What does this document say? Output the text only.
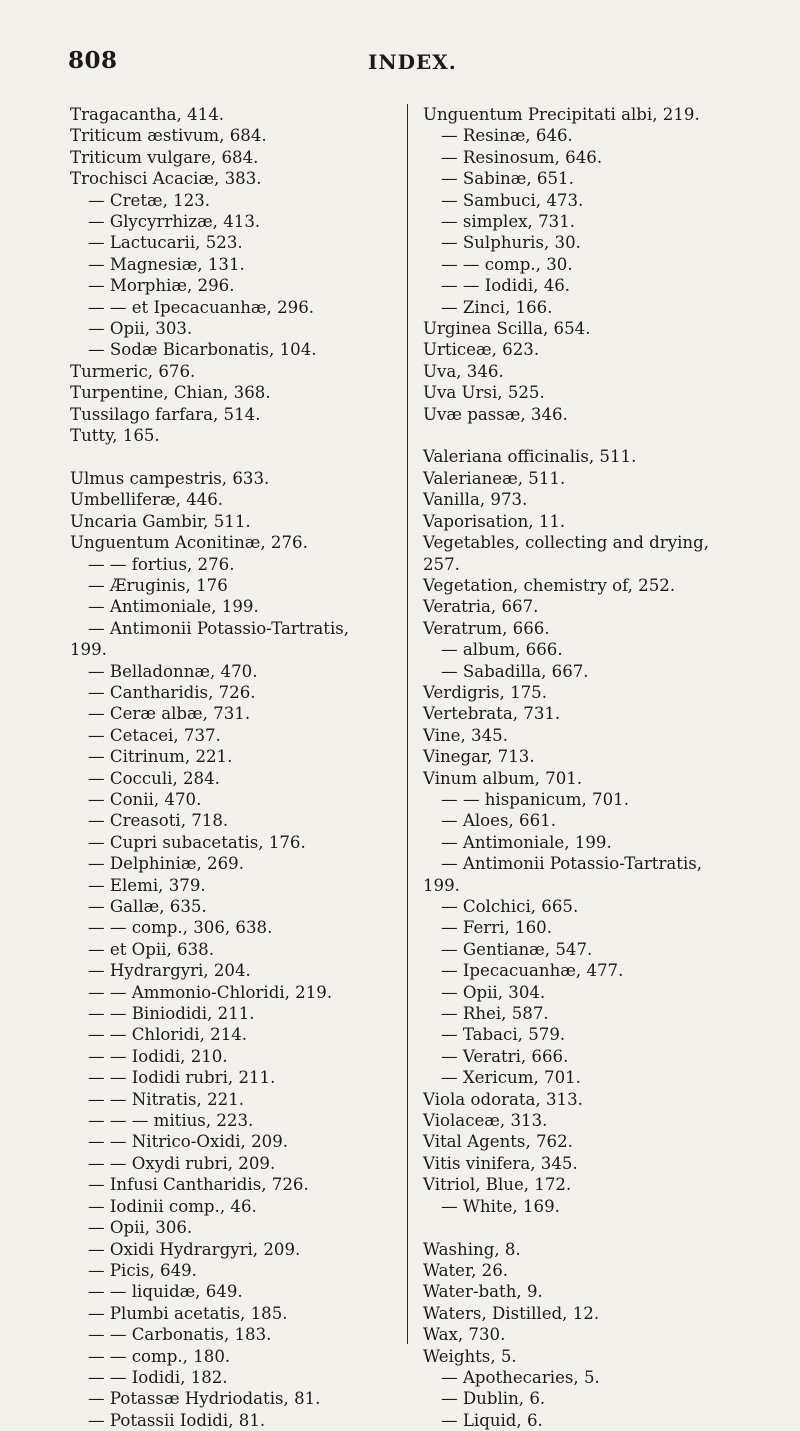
808	INDEX.
Tragacantha, 414.
Triticum æstivum, 684.
Triticum vulgare, 684.
Trochisci Acaciæ, 383.
— Cretæ, 123.
— Glycyrrhizæ, 413.
— Lactucarii, 523.
— Magnesiæ, 131.
— Morphiæ, 296.
— — et Ipecacuanhæ, 296.
— Opii, 303.
— Sodæ Bicarbonatis, 104.
Turmeric, 676.
Turpentine, Chian, 368.
Tussilago farfara, 514.
Tutty, 165.
Ulmus campestris, 633.
Umbelliferæ, 446.
Uncaria Gambir, 511.
Unguentum Aconitinæ, 276.
— — fortius, 276.
— Æruginis, 176
— Antimoniale, 199.
— Antimonii Potassio-Tartratis,
199.
— Belladonnæ, 470.
— Cantharidis, 726.
— Ceræ albæ, 731.
— Cetacei, 737.
— Citrinum, 221.
— Cocculi, 284.
— Conii, 470.
— Creasoti, 718.
— Cupri subacetatis, 176.
— Delphiniæ, 269.
— Elemi, 379.
— Gallæ, 635.
— — comp., 306, 638.
— et Opii, 638.
— Hydrargyri, 204.
— — Ammonio-Chloridi, 219.
— — Biniodidi, 211.
— — Chloridi, 214.
— — Iodidi, 210.
— — Iodidi rubri, 211.
— — Nitratis, 221.
— — — mitius, 223.
— — Nitrico-Oxidi, 209.
— — Oxydi rubri, 209.
— Infusi Cantharidis, 726.
— Iodinii comp., 46.
— Opii, 306.
— Oxidi Hydrargyri, 209.
— Picis, 649.
— — liquidæ, 649.
— Plumbi acetatis, 185.
— — Carbonatis, 183.
— — comp., 180.
— — Iodidi, 182.
— Potassæ Hydriodatis, 81.
— Potassii Iodidi, 81.
Unguentum Precipitati albi, 219.
— Resinæ, 646.
— Resinosum, 646.
— Sabinæ, 651.
— Sambuci, 473.
— simplex, 731.
— Sulphuris, 30.
— — comp., 30.
— — Iodidi, 46.
— Zinci, 166.
Urginea Scilla, 654.
Urticeæ, 623.
Uva, 346.
Uva Ursi, 525.
Uvæ passæ, 346.
Valeriana officinalis, 511.
Valerianeæ, 511.
Vanilla, 973.
Vaporisation, 11.
Vegetables, collecting and drying,
257.
Vegetation, chemistry of, 252.
Veratria, 667.
Veratrum, 666.
— album, 666.
— Sabadilla, 667.
Verdigris, 175.
Vertebrata, 731.
Vine, 345.
Vinegar, 713.
Vinum album, 701.
— — hispanicum, 701.
— Aloes, 661.
— Antimoniale, 199.
— Antimonii Potassio-Tartratis,
199.
— Colchici, 665.
— Ferri, 160.
— Gentianæ, 547.
— Ipecacuanhæ, 477.
— Opii, 304.
— Rhei, 587.
— Tabaci, 579.
— Veratri, 666.
— Xericum, 701.
Viola odorata, 313.
Violaceæ, 313.
Vital Agents, 762.
Vitis vinifera, 345.
Vitriol, Blue, 172.
— White, 169.
Washing, 8.
Water, 26.
Water-bath, 9.
Waters, Distilled, 12.
Wax, 730.
Weights, 5.
— Apothecaries, 5.
— Dublin, 6.
— Liquid, 6.
